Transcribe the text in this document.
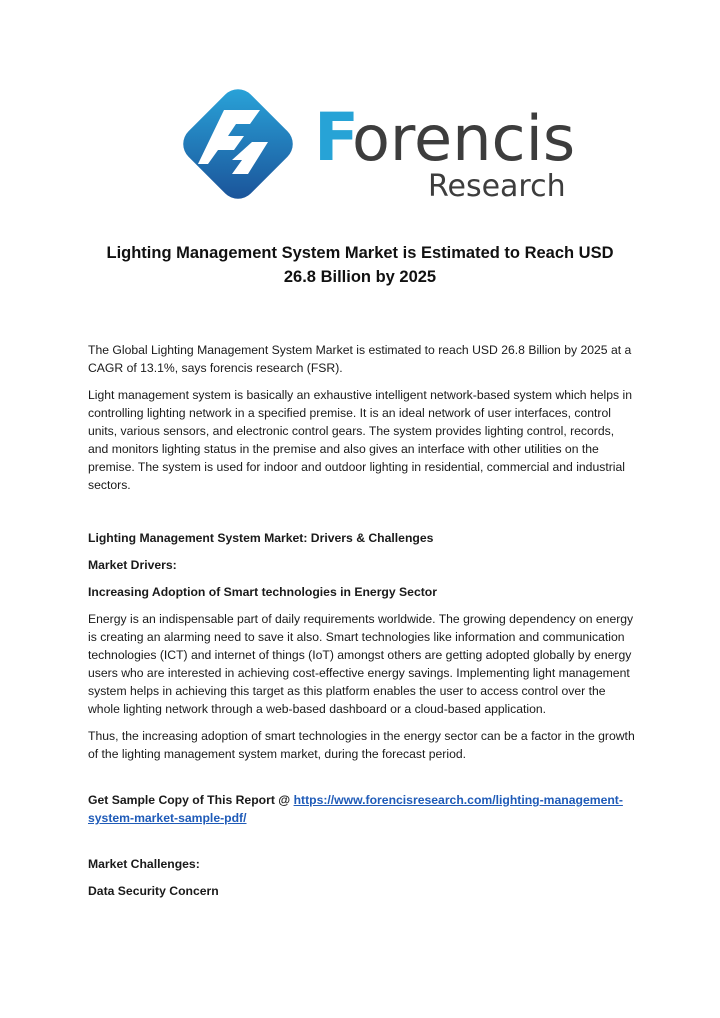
F
orencis
Research
Lighting Management System Market is Estimated to Reach USD
26.8 Billion by 2025

The Global Lighting Management System Market is estimated to reach USD 26.8 Billion by 2025 at a CAGR of 13.1%, says forencis research (FSR).

Light management system is basically an exhaustive intelligent network-based system which helps in controlling lighting network in a specified premise. It is an ideal network of user interfaces, control units, various sensors, and electronic control gears. The system provides lighting control, records, and monitors lighting status in the premise and also gives an interface with other utilities on the premise. The system is used for indoor and outdoor lighting in residential, commercial and industrial sectors.

Lighting Management System Market: Drivers & Challenges

Market Drivers:

Increasing Adoption of Smart technologies in Energy Sector

Energy is an indispensable part of daily requirements worldwide. The growing dependency on energy is creating an alarming need to save it also. Smart technologies like information and communication technologies (ICT) and internet of things (IoT) amongst others are getting adopted globally by energy users who are interested in achieving cost-effective energy savings. Implementing light management system helps in achieving this target as this platform enables the user to access control over the whole lighting network through a web-based dashboard or a cloud-based application.

Thus, the increasing adoption of smart technologies in the energy sector can be a factor in the growth of the lighting management system market, during the forecast period.

Get Sample Copy of This Report @ https://www.forencisresearch.com/lighting-management-system-market-sample-pdf/

Market Challenges:

Data Security Concern
